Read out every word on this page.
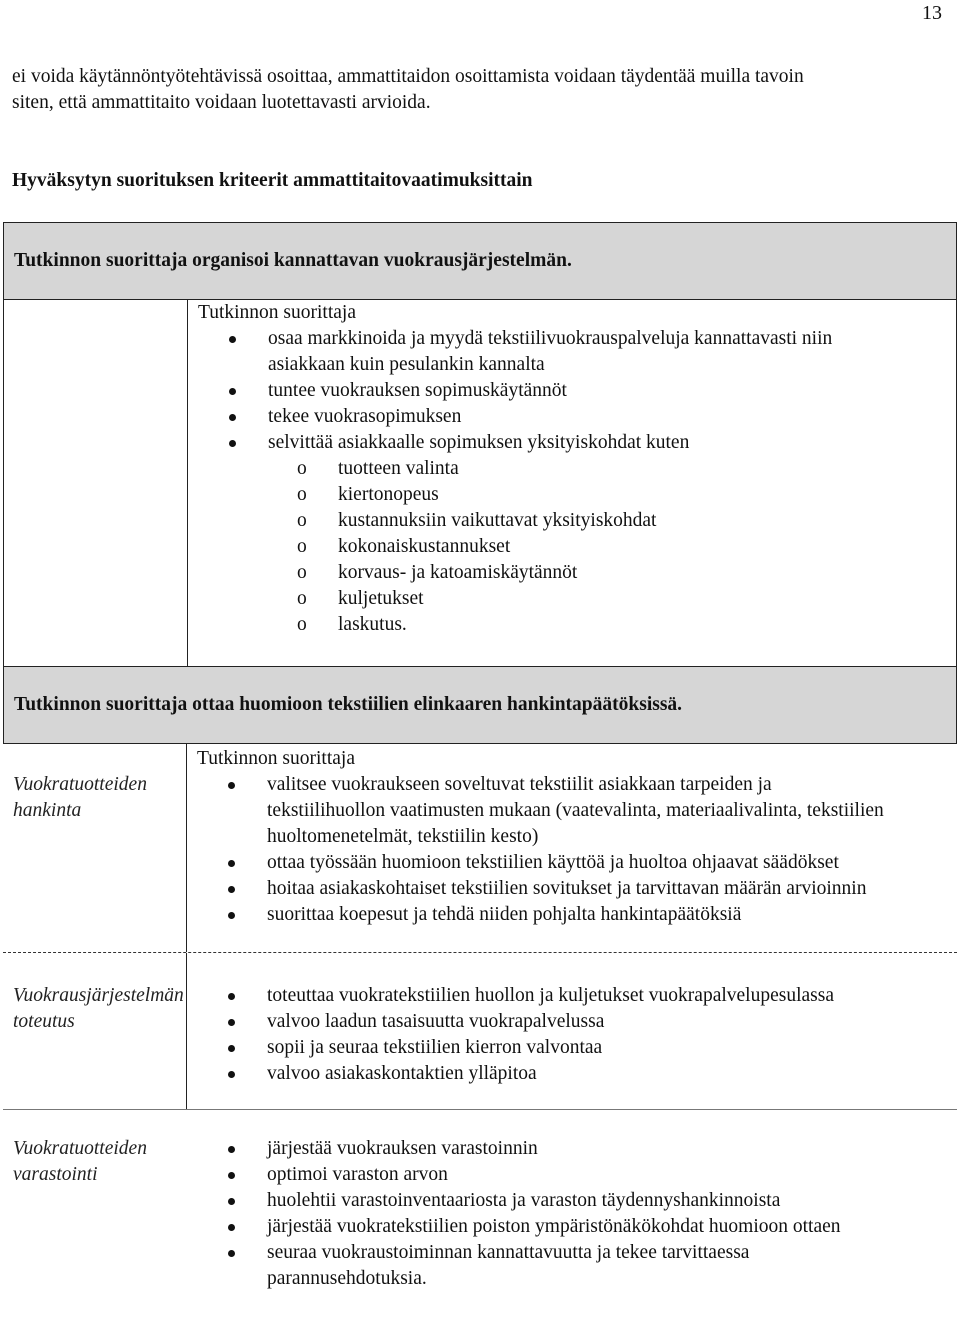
13

ei voida käytännöntyötehtävissä osoittaa, ammattitaidon osoittamista voidaan täydentää muilla tavoin

siten, että ammattitaito voidaan luotettavasti arvioida.

Hyväksytyn suorituksen kriteerit ammattitaitovaatimuksittain
Tutkinnon suorittaja organisoi kannattavan vuokrausjärjestelmän.
Tutkinnon suorittaja
osaa markkinoida ja myydä tekstiilivuokrauspalveluja kannattavasti niin asiakkaan kuin pesulankin kannalta
tuntee vuokrauksen sopimuskäytännöt
tekee vuokrasopimuksen
selvittää asiakkaalle sopimuksen yksityiskohdat kuten
o tuotteen valinta
o kiertonopeus
o kustannuksiin vaikuttavat yksityiskohdat
o kokonaiskustannukset
o korvaus- ja katoamiskäytännöt
o kuljetukset
o laskutus.
Tutkinnon suorittaja ottaa huomioon tekstiilien elinkaaren hankintapäätöksissä.
Vuokratuotteiden hankinta
Tutkinnon suorittaja
valitsee vuokraukseen soveltuvat tekstiilit asiakkaan tarpeiden ja tekstiilihuollon vaatimusten mukaan (vaatevalinta, materiaalivalinta, tekstiilien huoltomenetelmät, tekstiilin kesto)
ottaa työssään huomioon tekstiilien käyttöä ja huoltoa ohjaavat säädökset
hoitaa asiakaskohtaiset tekstiilien sovitukset ja tarvittavan määrän arvioinnin
suorittaa koepesut ja tehdä niiden pohjalta hankintapäätöksiä
Vuokrausjärjestelmän toteutus
toteuttaa vuokratekstiilien huollon ja kuljetukset vuokrapalvelupesulassa
valvoo laadun tasaisuutta vuokrapalvelussa
sopii ja seuraa tekstiilien kierron valvontaa
valvoo asiakaskontaktien ylläpitoa
Vuokratuotteiden varastointi
järjestää vuokrauksen varastoinnin
optimoi varaston arvon
huolehtii varastoinventaariosta ja varaston täydennyshankinnoista
järjestää vuokratekstiilien poiston ympäristönäkökohdat huomioon ottaen
seuraa vuokraustoiminnan kannattavuutta ja tekee tarvittaessa parannusehdotuksia.
